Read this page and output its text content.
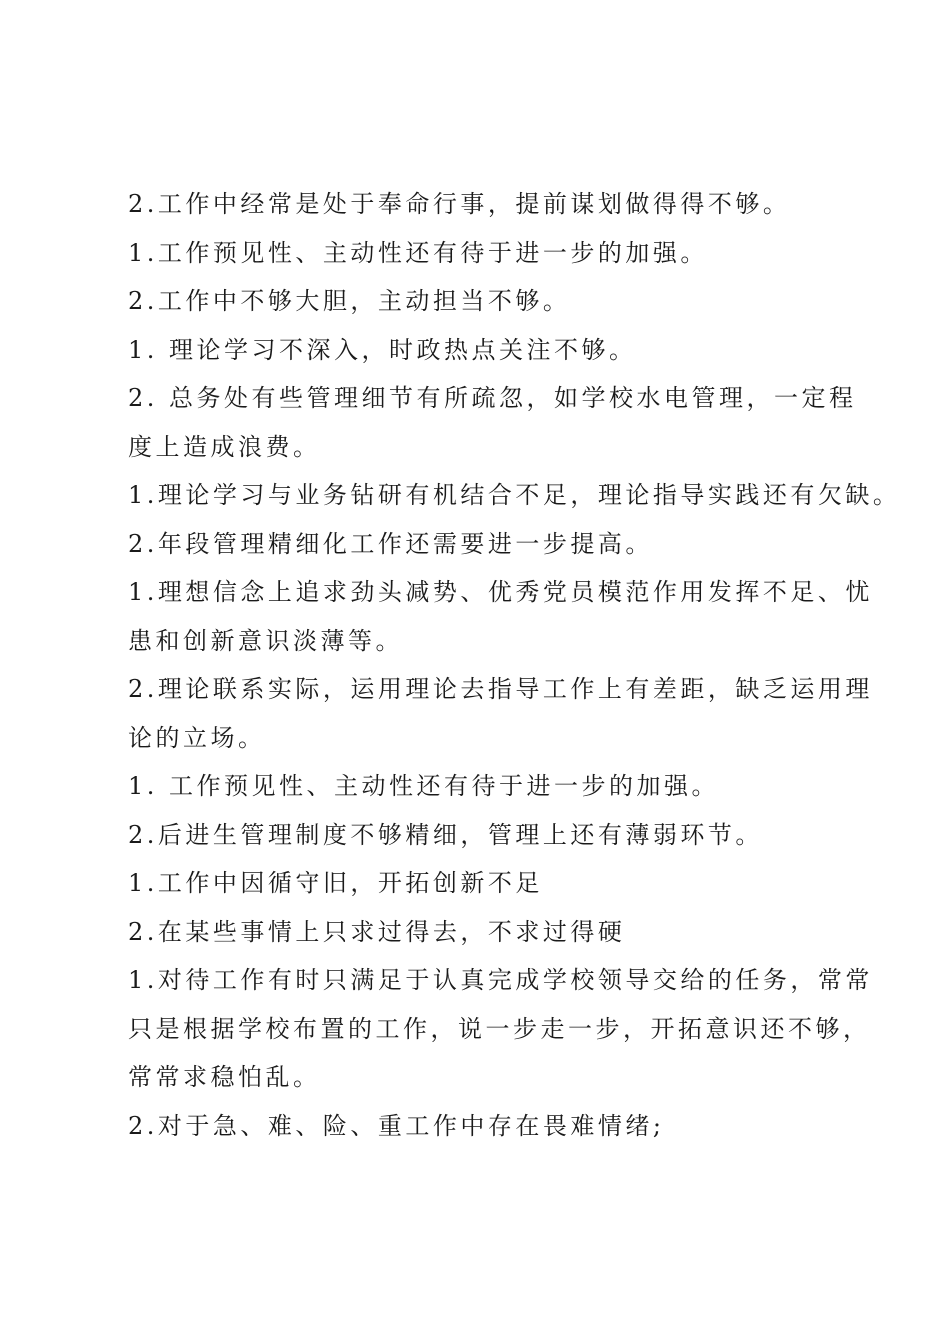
2.工作中经常是处于奉命行事，提前谋划做得得不够。

1.工作预见性、主动性还有待于进一步的加强。

2.工作中不够大胆，主动担当不够。

1. 理论学习不深入，时政热点关注不够。

2. 总务处有些管理细节有所疏忽，如学校水电管理，一定程

度上造成浪费。

1.理论学习与业务钻研有机结合不足，理论指导实践还有欠缺。

2.年段管理精细化工作还需要进一步提高。

1.理想信念上追求劲头减势、优秀党员模范作用发挥不足、忧

患和创新意识淡薄等。

2.理论联系实际，运用理论去指导工作上有差距，缺乏运用理

论的立场。

1. 工作预见性、主动性还有待于进一步的加强。

2.后进生管理制度不够精细，管理上还有薄弱环节。

1.工作中因循守旧，开拓创新不足

2.在某些事情上只求过得去，不求过得硬

1.对待工作有时只满足于认真完成学校领导交给的任务，常常

只是根据学校布置的工作，说一步走一步，开拓意识还不够，

常常求稳怕乱。

2.对于急、难、险、重工作中存在畏难情绪;
